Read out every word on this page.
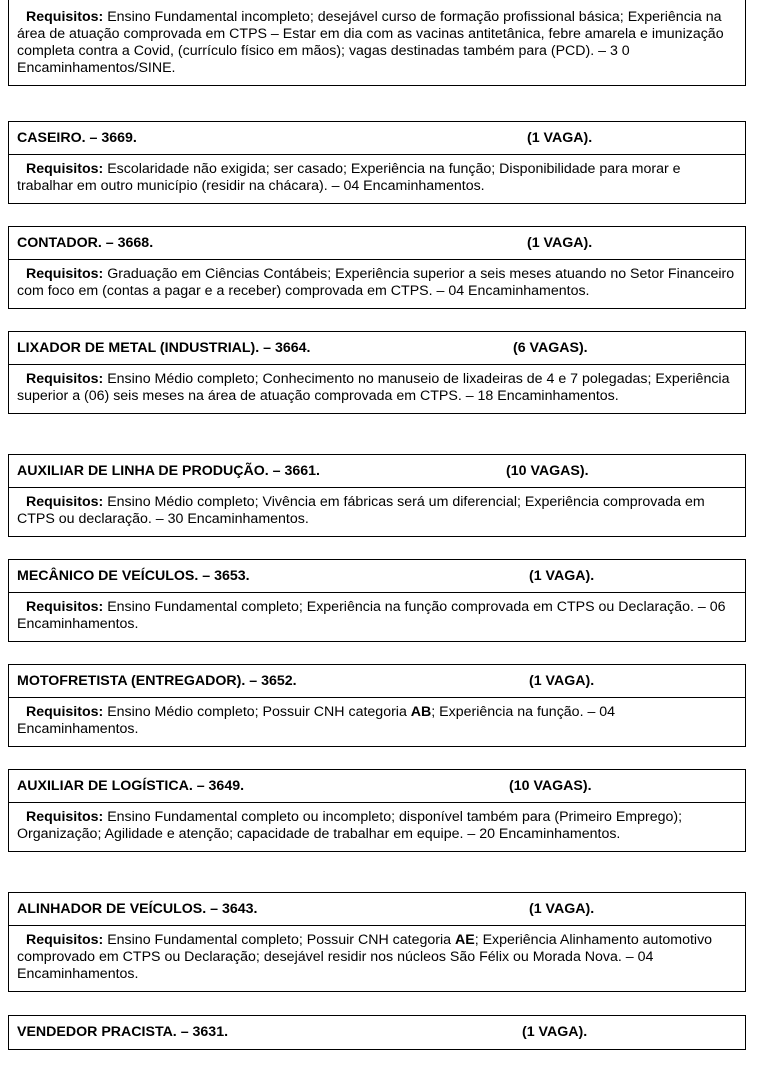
Requisitos: Ensino Fundamental incompleto; desejável curso de formação profissional básica; Experiência na área de atuação comprovada em CTPS – Estar em dia com as vacinas antitetânica, febre amarela e imunização completa contra a Covid, (currículo físico em mãos); vagas destinadas também para (PCD). – 3 0 Encaminhamentos/SINE.
CASEIRO. – 3669.	(1 VAGA).
Requisitos: Escolaridade não exigida; ser casado; Experiência na função; Disponibilidade para morar e trabalhar em outro município (residir na chácara). – 04 Encaminhamentos.
CONTADOR. – 3668.	(1 VAGA).
Requisitos: Graduação em Ciências Contábeis; Experiência superior a seis meses atuando no Setor Financeiro com foco em (contas a pagar e a receber) comprovada em CTPS. – 04 Encaminhamentos.
LIXADOR DE METAL (INDUSTRIAL). – 3664.	(6 VAGAS).
Requisitos: Ensino Médio completo; Conhecimento no manuseio de lixadeiras de 4 e 7 polegadas; Experiência superior a (06) seis meses na área de atuação comprovada em CTPS. – 18 Encaminhamentos.
AUXILIAR DE LINHA DE PRODUÇÃO. – 3661.	(10 VAGAS).
Requisitos: Ensino Médio completo; Vivência em fábricas será um diferencial; Experiência comprovada em CTPS ou declaração. – 30 Encaminhamentos.
MECÂNICO DE VEÍCULOS. – 3653.	(1 VAGA).
Requisitos: Ensino Fundamental completo; Experiência na função comprovada em CTPS ou Declaração. – 06 Encaminhamentos.
MOTOFRETISTA (ENTREGADOR). – 3652.	(1 VAGA).
Requisitos: Ensino Médio completo; Possuir CNH categoria AB; Experiência na função. – 04 Encaminhamentos.
AUXILIAR DE LOGÍSTICA. – 3649.	(10 VAGAS).
Requisitos: Ensino Fundamental completo ou incompleto; disponível também para (Primeiro Emprego); Organização; Agilidade e atenção; capacidade de trabalhar em equipe. – 20 Encaminhamentos.
ALINHADOR DE VEÍCULOS. – 3643.	(1 VAGA).
Requisitos: Ensino Fundamental completo; Possuir CNH categoria AE; Experiência Alinhamento automotivo comprovado em CTPS ou Declaração; desejável residir nos núcleos São Félix ou Morada Nova. – 04 Encaminhamentos.
VENDEDOR PRACISTA. – 3631.	(1 VAGA).
